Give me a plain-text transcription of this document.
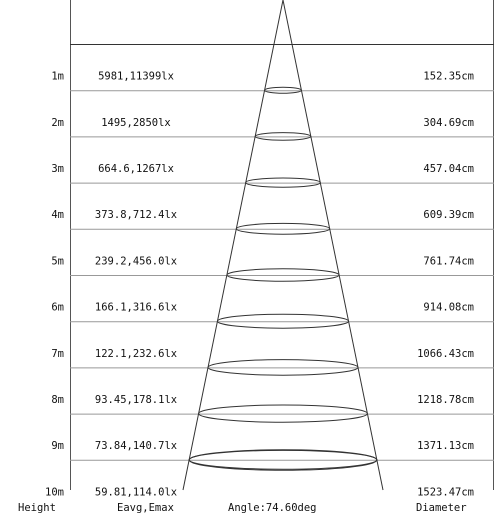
1m	5981,11399lx	152.35cm
2m	1495,2850lx	304.69cm
3m	664.6,1267lx	457.04cm
4m	373.8,712.4lx	609.39cm
5m	239.2,456.0lx	761.74cm
6m	166.1,316.6lx	914.08cm
7m	122.1,232.6lx	1066.43cm
8m	93.45,178.1lx	1218.78cm
9m	73.84,140.7lx	1371.13cm
10m	59.81,114.0lx	1523.47cm
Height	Eavg,Emax	Angle:74.60deg	Diameter
